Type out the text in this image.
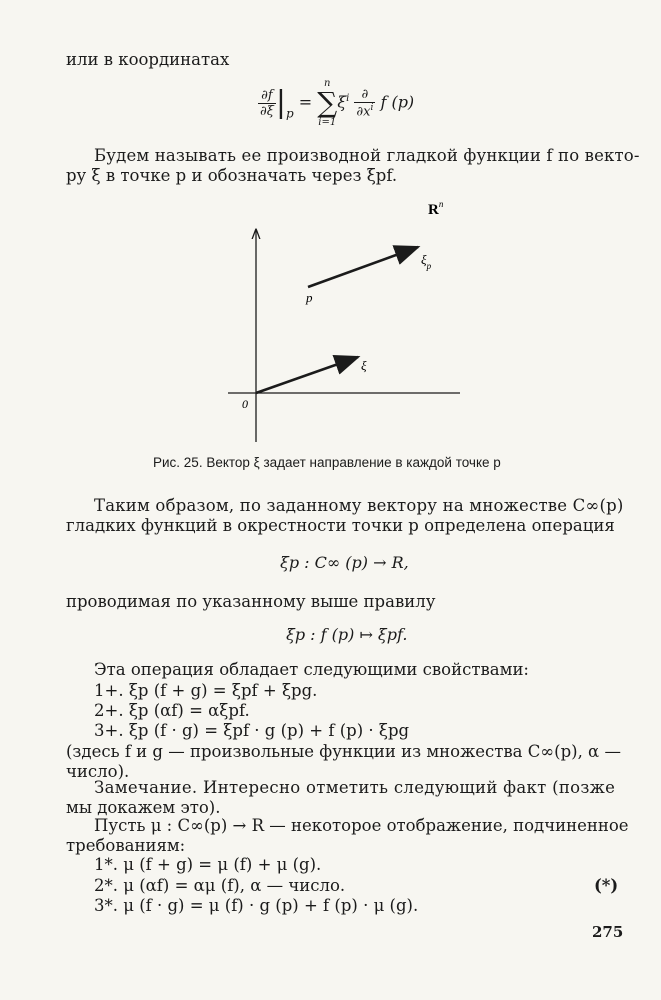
или в координатах
$\frac{\partial f}{\partial\xi} |_p$ =
n
∑
i=1
$\xi^i \frac{\partial}{\partial x^i}$ f (p)
Будем называть ее производной гладкой функции f по векто-
ру ξ в точке p и обозначать через ξpf.
$R^n$
0
p
ξ
$\xi_p$
Рис. 25. Вектор ξ задает направление в каждой точке p
Таким образом, по заданному вектору на множестве C∞(p)
гладких функций в окрестности точки p определена операция
ξp : C∞ (p) → R,
проводимая по указанному выше правилу
ξp : f (p) ↦ ξpf.
Эта операция обладает следующими свойствами:
1+. ξp (f + g) = ξpf + ξpg.
2+. ξp (αf) = αξpf.
3+. ξp (f · g) = ξpf · g (p) + f (p) · ξpg
(здесь f и g — произвольные функции из множества C∞(p), α —
число).
Замечание. Интересно отметить следующий факт (позже
мы докажем это).
Пусть μ : C∞(p) → R — некоторое отображение, подчиненное
требованиям:
1*. μ (f + g) = μ (f) + μ (g).
2*. μ (αf) = αμ (f), α — число.
3*. μ (f · g) = μ (f) · g (p) + f (p) · μ (g).
(*)
275
